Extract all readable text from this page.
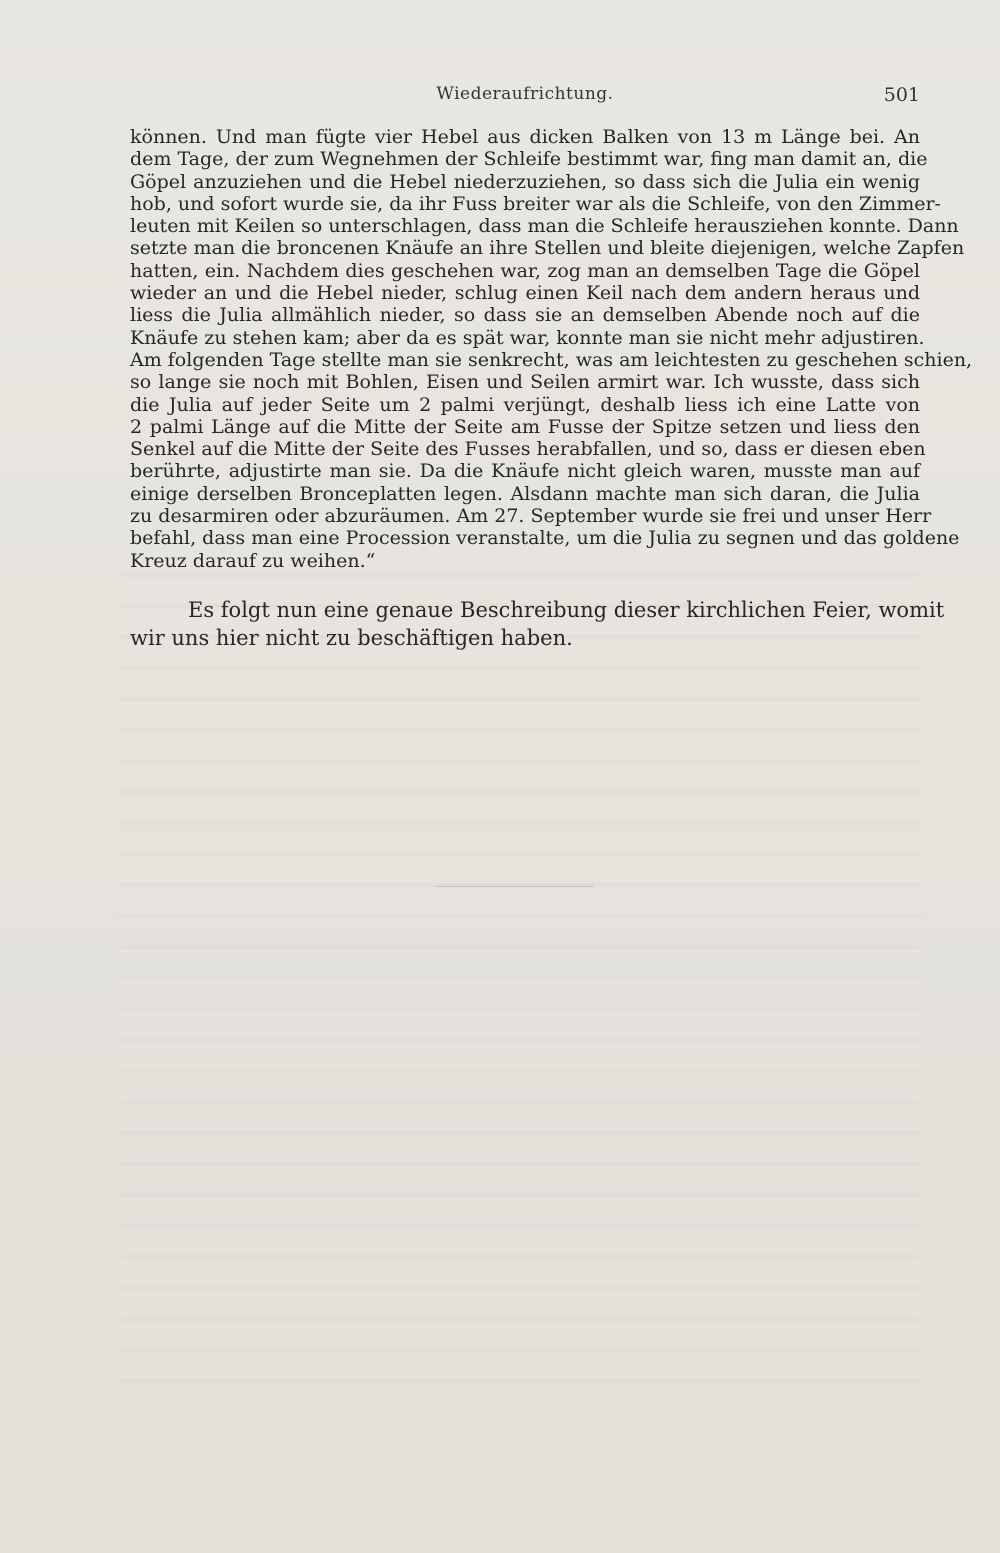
Wiederaufrichtung.	501
können. Und man fügte vier Hebel aus dicken Balken von 13 m Länge bei. An
dem Tage, der zum Wegnehmen der Schleife bestimmt war, fing man damit an, die
Göpel anzuziehen und die Hebel niederzuziehen, so dass sich die Julia ein wenig
hob, und sofort wurde sie, da ihr Fuss breiter war als die Schleife, von den Zimmer-
leuten mit Keilen so unterschlagen, dass man die Schleife herausziehen konnte. Dann
setzte man die broncenen Knäufe an ihre Stellen und bleite diejenigen, welche Zapfen
hatten, ein. Nachdem dies geschehen war, zog man an demselben Tage die Göpel
wieder an und die Hebel nieder, schlug einen Keil nach dem andern heraus und
liess die Julia allmählich nieder, so dass sie an demselben Abende noch auf die
Knäufe zu stehen kam; aber da es spät war, konnte man sie nicht mehr adjustiren.
Am folgenden Tage stellte man sie senkrecht, was am leichtesten zu geschehen schien,
so lange sie noch mit Bohlen, Eisen und Seilen armirt war. Ich wusste, dass sich
die Julia auf jeder Seite um 2 palmi verjüngt, deshalb liess ich eine Latte von
2 palmi Länge auf die Mitte der Seite am Fusse der Spitze setzen und liess den
Senkel auf die Mitte der Seite des Fusses herabfallen, und so, dass er diesen eben
berührte, adjustirte man sie. Da die Knäufe nicht gleich waren, musste man auf
einige derselben Bronceplatten legen. Alsdann machte man sich daran, die Julia
zu desarmiren oder abzuräumen. Am 27. September wurde sie frei und unser Herr
befahl, dass man eine Procession veranstalte, um die Julia zu segnen und das goldene
Kreuz darauf zu weihen.“
Es folgt nun eine genaue Beschreibung dieser kirchlichen Feier, womit
wir uns hier nicht zu beschäftigen haben.
